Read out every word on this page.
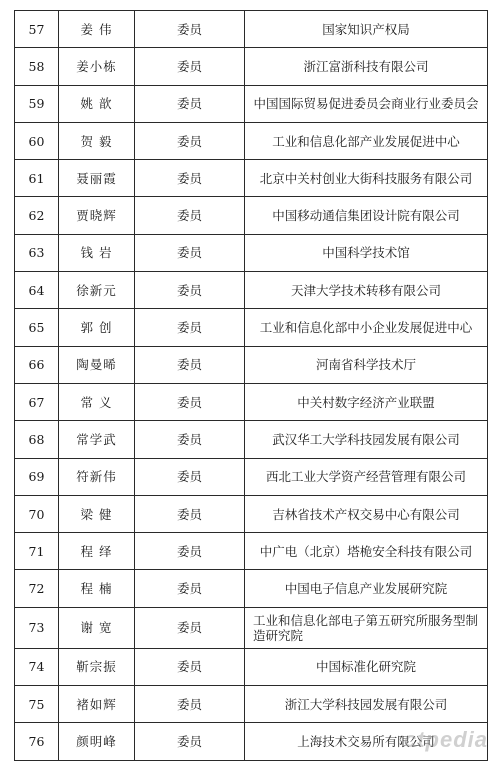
57	姜 伟	委员	国家知识产权局
58	姜小栋	委员	浙江富浙科技有限公司
59	姚 歆	委员	中国国际贸易促进委员会商业行业委员会
60	贺 毅	委员	工业和信息化部产业发展促进中心
61	聂丽霞	委员	北京中关村创业大街科技服务有限公司
62	贾晓辉	委员	中国移动通信集团设计院有限公司
63	钱 岩	委员	中国科学技术馆
64	徐新元	委员	天津大学技术转移有限公司
65	郭 创	委员	工业和信息化部中小企业发展促进中心
66	陶曼晞	委员	河南省科学技术厅
67	常 义	委员	中关村数字经济产业联盟
68	常学武	委员	武汉华工大学科技园发展有限公司
69	符新伟	委员	西北工业大学资产经营管理有限公司
70	梁 健	委员	吉林省技术产权交易中心有限公司
71	程 绎	委员	中广电（北京）塔桅安全科技有限公司
72	程 楠	委员	中国电子信息产业发展研究院
73	谢 宽	委员	工业和信息化部电子第五研究所服务型制造研究院
74	靳宗振	委员	中国标准化研究院
75	褚如辉	委员	浙江大学科技园发展有限公司
76	颜明峰	委员	上海技术交易所有限公司
ctpedia
